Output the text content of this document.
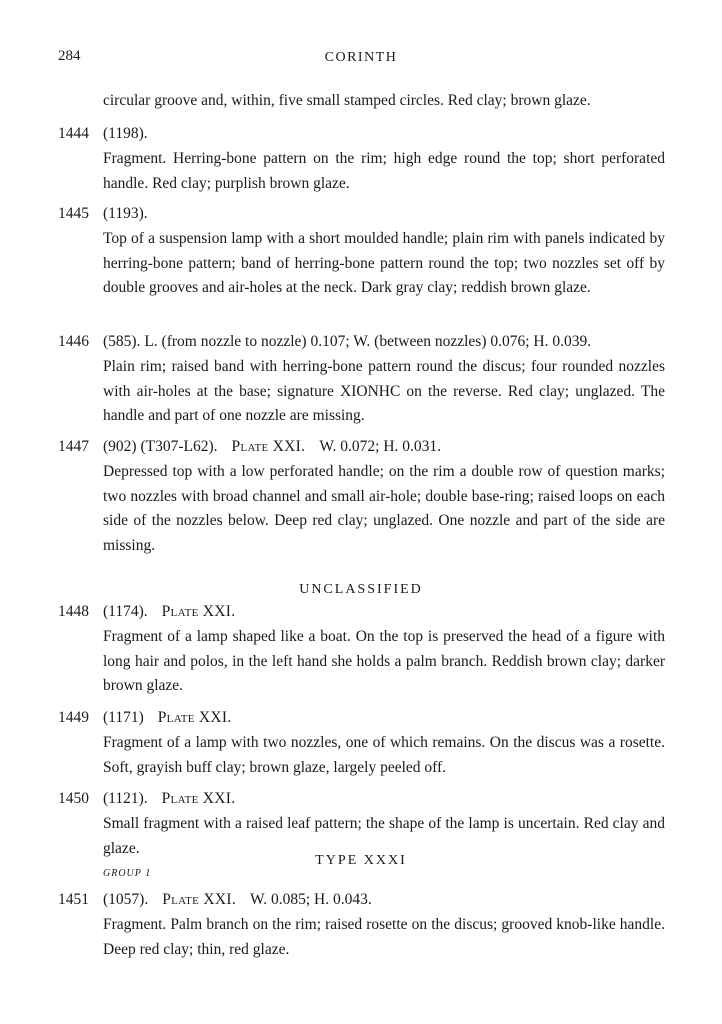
284	CORINTH
circular groove and, within, five small stamped circles. Red clay; brown glaze.
1444 (1198).
Fragment. Herring-bone pattern on the rim; high edge round the top; short perforated handle. Red clay; purplish brown glaze.
1445 (1193).
Top of a suspension lamp with a short moulded handle; plain rim with panels indicated by herring-bone pattern; band of herring-bone pattern round the top; two nozzles set off by double grooves and air-holes at the neck. Dark gray clay; reddish brown glaze.
1446 (585). L. (from nozzle to nozzle) 0.107; W. (between nozzles) 0.076; H. 0.039.
Plain rim; raised band with herring-bone pattern round the discus; four rounded nozzles with air-holes at the base; signature XIONHC on the reverse. Red clay; unglazed. The handle and part of one nozzle are missing.
1447 (902) (T307-L62). Plate XXI. W. 0.072; H. 0.031.
Depressed top with a low perforated handle; on the rim a double row of question marks; two nozzles with broad channel and small air-hole; double base-ring; raised loops on each side of the nozzles below. Deep red clay; unglazed. One nozzle and part of the side are missing.
UNCLASSIFIED
1448 (1174). Plate XXI.
Fragment of a lamp shaped like a boat. On the top is preserved the head of a figure with long hair and polos, in the left hand she holds a palm branch. Reddish brown clay; darker brown glaze.
1449 (1171) Plate XXI.
Fragment of a lamp with two nozzles, one of which remains. On the discus was a rosette. Soft, grayish buff clay; brown glaze, largely peeled off.
1450 (1121). Plate XXI.
Small fragment with a raised leaf pattern; the shape of the lamp is uncertain. Red clay and glaze.
TYPE XXXI
GROUP 1
1451 (1057). Plate XXI. W. 0.085; H. 0.043.
Fragment. Palm branch on the rim; raised rosette on the discus; grooved knob-like handle. Deep red clay; thin, red glaze.
